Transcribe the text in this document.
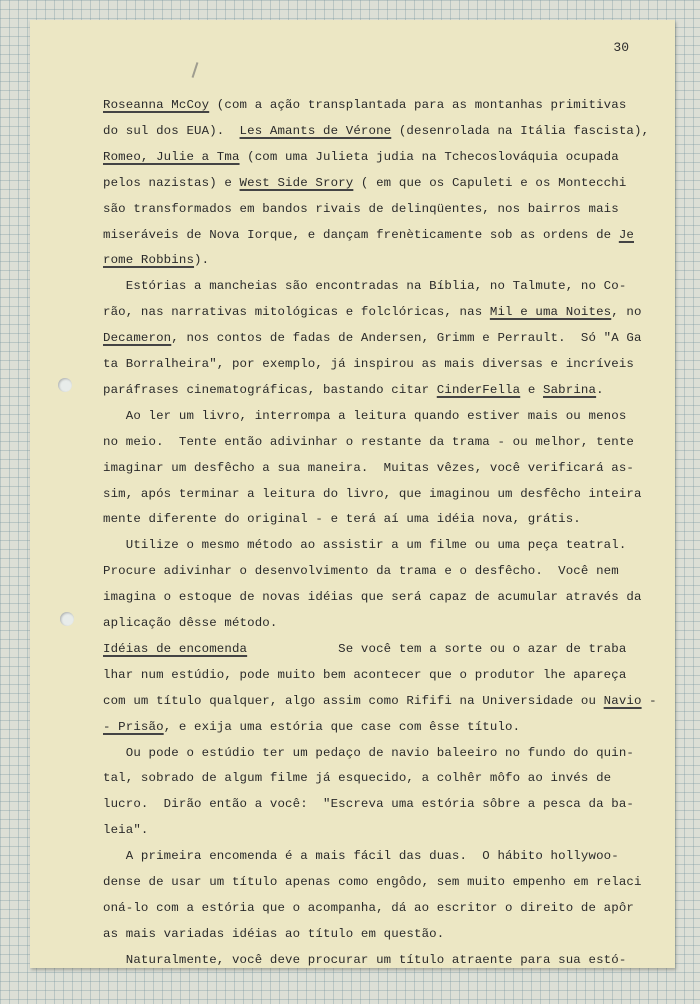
30
Roseanna McCoy (com a ação transplantada para as montanhas primitivas
do sul dos EUA).  Les Amants de Vérone (desenrolada na Itália fascista),
Romeo, Julie a Tma (com uma Julieta judia na Tchecoslováquia ocupada
pelos nazistas) e West Side Srory ( em que os Capuleti e os Montecchi
são transformados em bandos rivais de delinqüentes, nos bairros mais
miseráveis de Nova Iorque, e dançam frenèticamente sob as ordens de Je
rome Robbins).
Estórias a mancheias são encontradas na Bíblia, no Talmute, no Co-
rão, nas narrativas mitológicas e folclóricas, nas Mil e uma Noites, no
Decameron, nos contos de fadas de Andersen, Grimm e Perrault.  Só "A Ga
ta Borralheira", por exemplo, já inspirou as mais diversas e incríveis
paráfrases cinematográficas, bastando citar CinderFella e Sabrina.
Ao ler um livro, interrompa a leitura quando estiver mais ou menos
no meio.  Tente então adivinhar o restante da trama - ou melhor, tente
imaginar um desfêcho a sua maneira.  Muitas vêzes, você verificará as-
sim, após terminar a leitura do livro, que imaginou um desfêcho inteira
mente diferente do original - e terá aí uma idéia nova, grátis.
Utilize o mesmo método ao assistir a um filme ou uma peça teatral.
Procure adivinhar o desenvolvimento da trama e o desfêcho.  Você nem
imagina o estoque de novas idéias que será capaz de acumular através da
aplicação dêsse método.
Idéias de encomenda            Se você tem a sorte ou o azar de traba
lhar num estúdio, pode muito bem acontecer que o produtor lhe apareça
com um título qualquer, algo assim como Rififi na Universidade ou Navio -
- Prisão, e exija uma estória que case com êsse título.
Ou pode o estúdio ter um pedaço de navio baleeiro no fundo do quin-
tal, sobrado de algum filme já esquecido, a colhêr môfo ao invés de
lucro.  Dirão então a você:  "Escreva uma estória sôbre a pesca da ba-
leia".
A primeira encomenda é a mais fácil das duas.  O hábito hollywoo-
dense de usar um título apenas como engôdo, sem muito empenho em relaci
oná-lo com a estória que o acompanha, dá ao escritor o direito de apôr
as mais variadas idéias ao título em questão.
Naturalmente, você deve procurar um título atraente para sua estó-
